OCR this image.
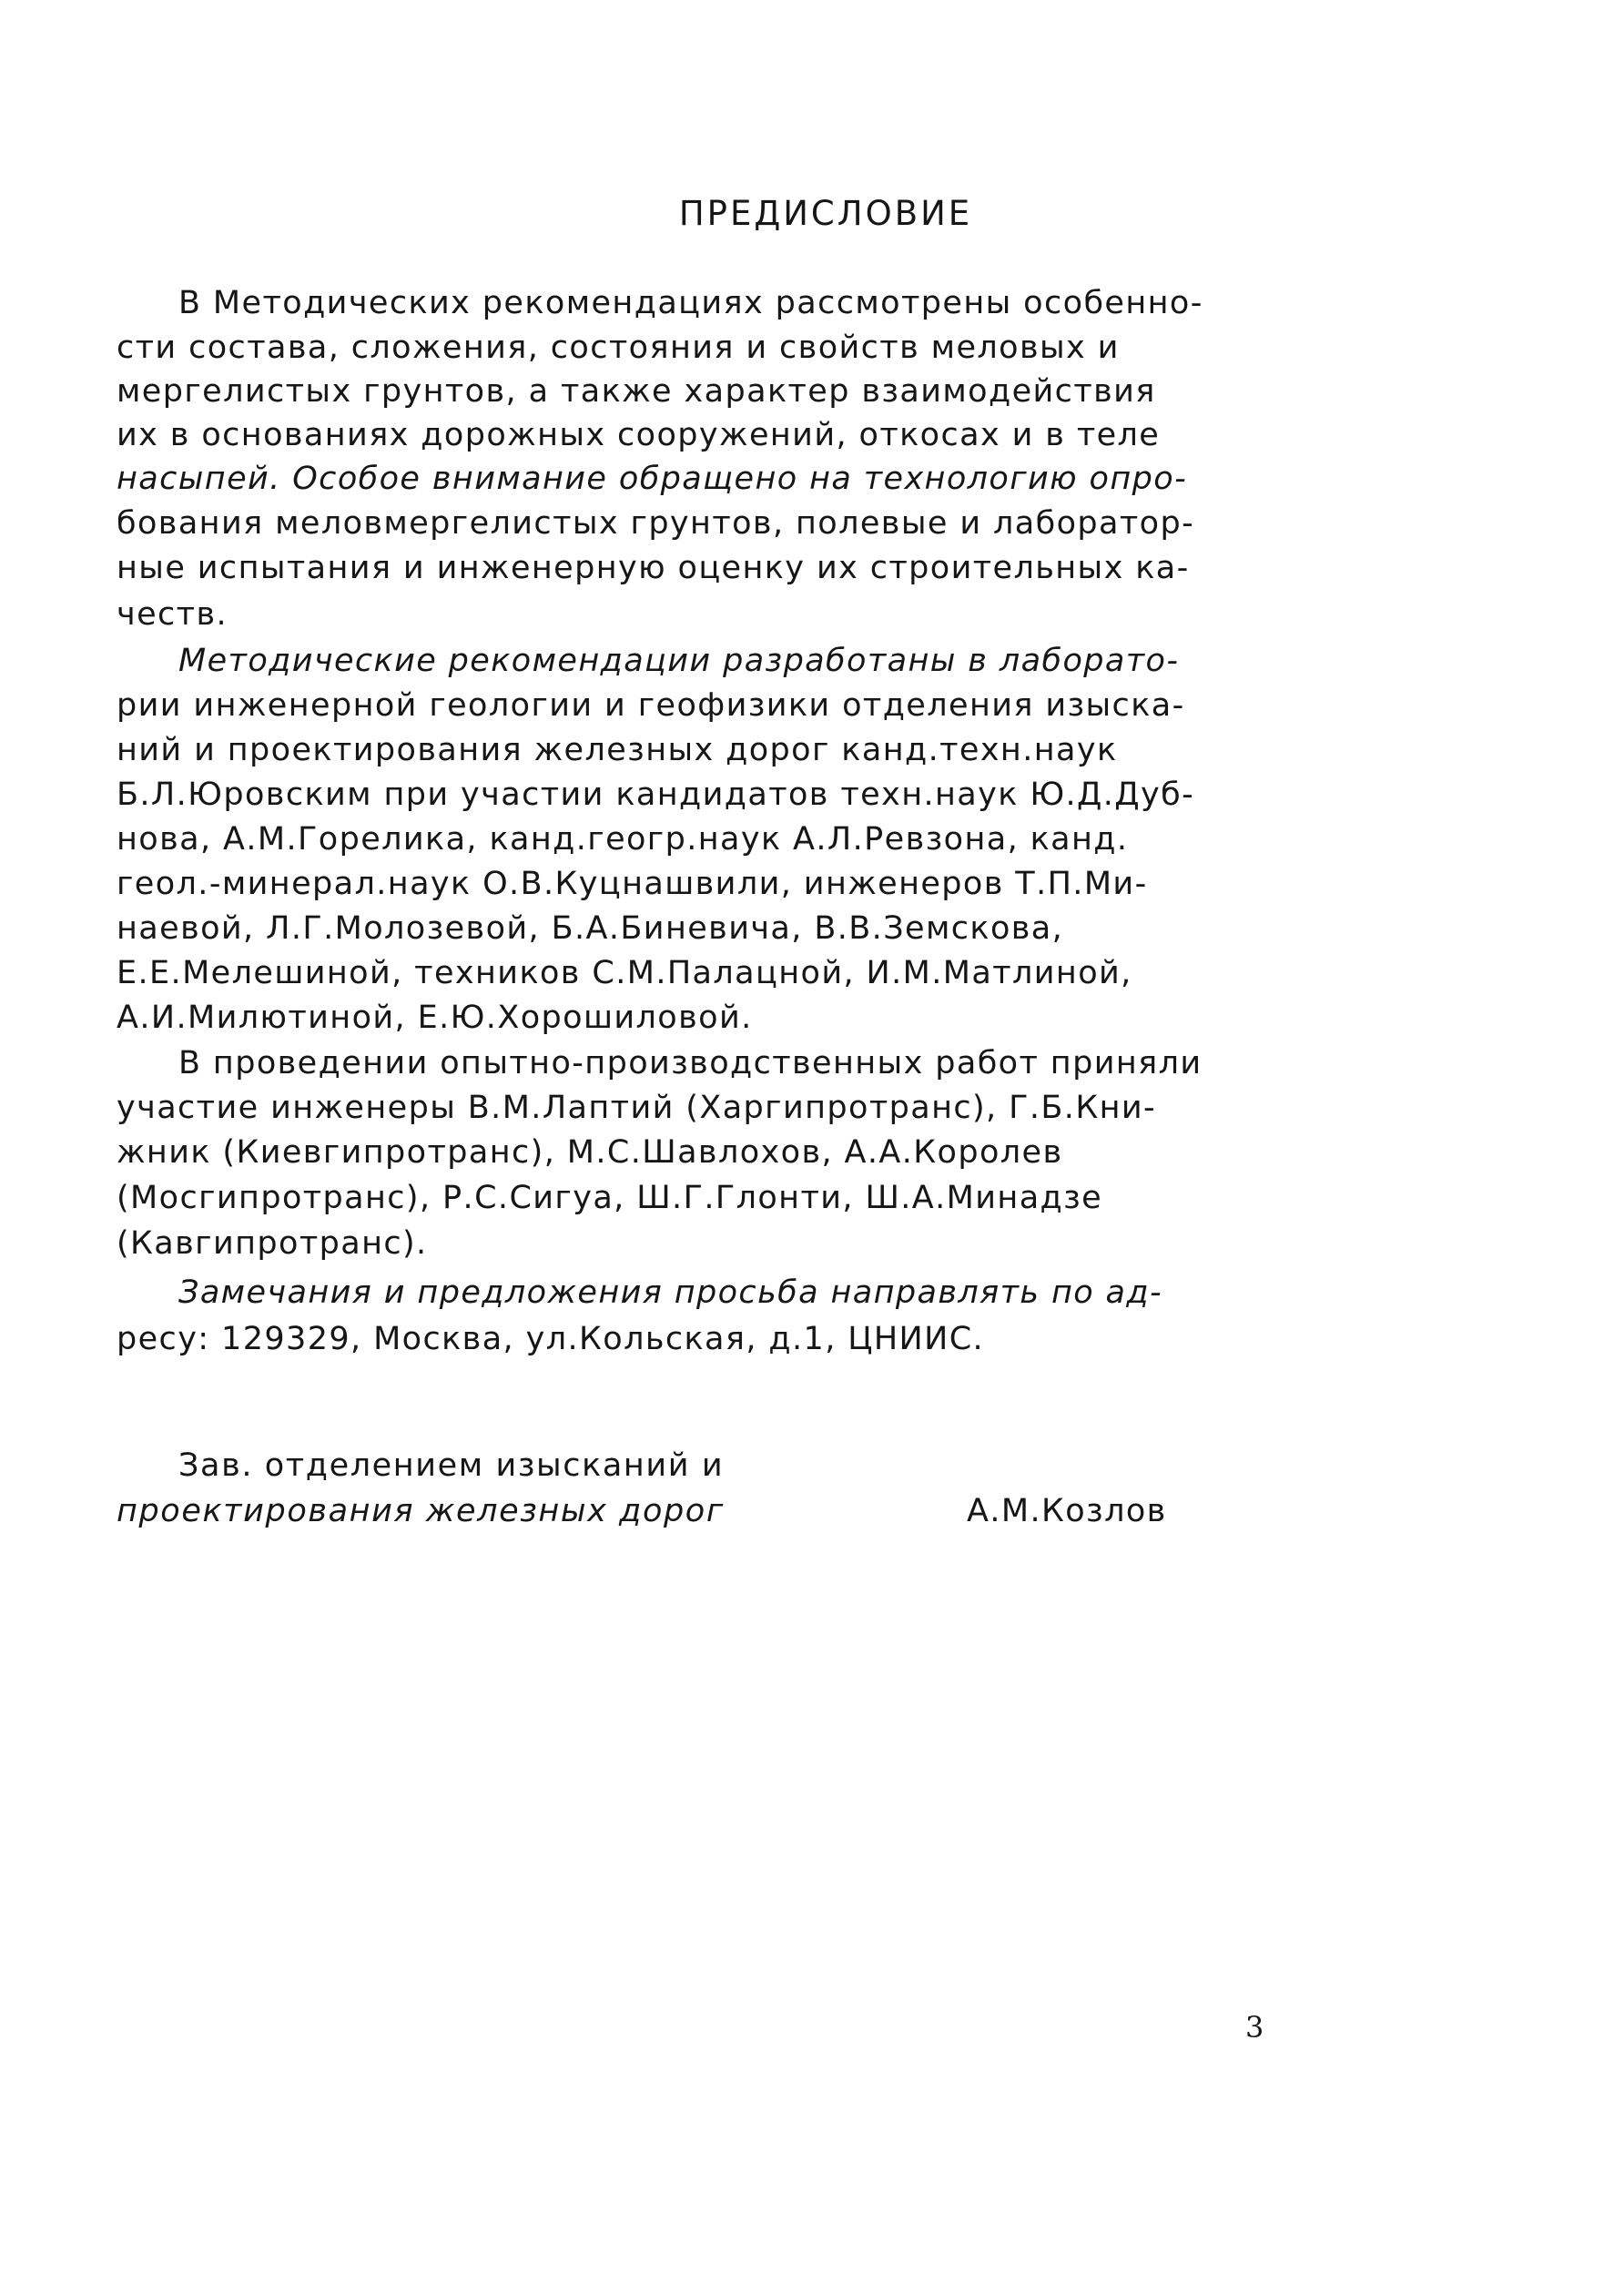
ПРЕДИСЛОВИЕ
В Методических рекомендациях рассмотрены особенно-
сти состава, сложения, состояния и свойств меловых и
мергелистых грунтов, а также характер взаимодействия
их в основаниях дорожных сооружений, откосах и в теле
насыпей. Особое внимание обращено на технологию опро-
бования меловмергелистых грунтов, полевые и лаборатор-
ные испытания и инженерную оценку их строительных ка-
честв.
Методические рекомендации разработаны в лаборато-
рии инженерной геологии и геофизики отделения изыска-
ний и проектирования железных дорог канд.техн.наук
Б.Л.Юровским при участии кандидатов техн.наук Ю.Д.Дуб-
нова, А.М.Горелика, канд.геогр.наук А.Л.Ревзона, канд.
геол.-минерал.наук О.В.Куцнашвили, инженеров Т.П.Ми-
наевой, Л.Г.Молозевой, Б.А.Биневича, В.В.Земскова,
Е.Е.Мелешиной, техников С.М.Палацной, И.М.Матлиной,
А.И.Милютиной, Е.Ю.Хорошиловой.
В проведении опытно-производственных работ приняли
участие инженеры В.М.Лаптий (Харгипротранс), Г.Б.Кни-
жник (Киевгипротранс), М.С.Шавлохов, А.А.Королев
(Мосгипротранс), Р.С.Сигуа, Ш.Г.Глонти, Ш.А.Минадзе
(Кавгипротранс).
Замечания и предложения просьба направлять по ад-
ресу: 129329, Москва, ул.Кольская, д.1, ЦНИИС.
Зав. отделением изысканий и
проектирования железных дорог	А.М.Козлов
3
